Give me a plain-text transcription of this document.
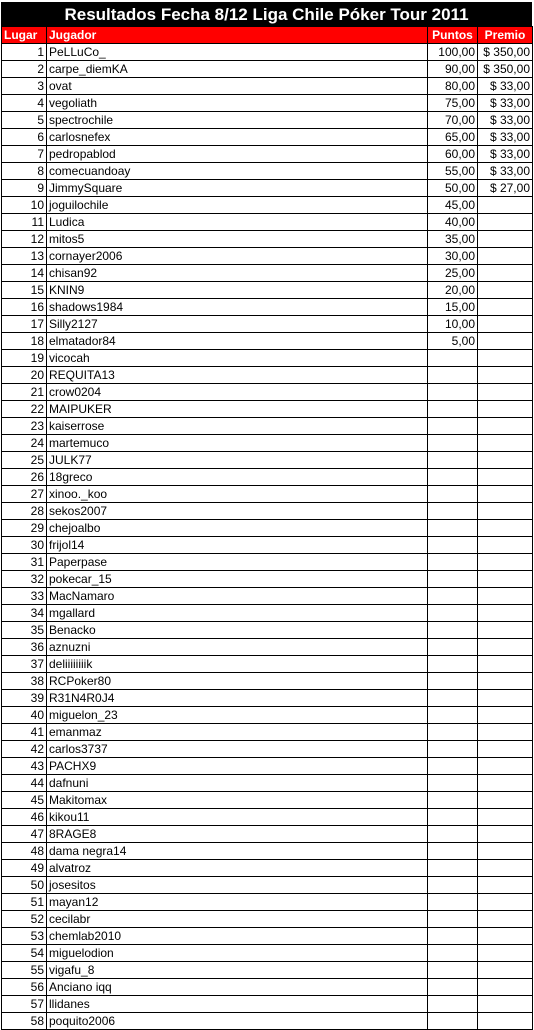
Resultados Fecha 8/12 Liga Chile Póker Tour 2011
Lugar	Jugador	Puntos	Premio
1	PeLLuCo_	100,00	$ 350,00
2	carpe_diemKA	90,00	$ 350,00
3	ovat	80,00	$ 33,00
4	vegoliath	75,00	$ 33,00
5	spectrochile	70,00	$ 33,00
6	carlosnefex	65,00	$ 33,00
7	pedropablod	60,00	$ 33,00
8	comecuandoay	55,00	$ 33,00
9	JimmySquare	50,00	$ 27,00
10	joguilochile	45,00	
11	Ludica	40,00	
12	mitos5	35,00	
13	cornayer2006	30,00	
14	chisan92	25,00	
15	KNIN9	20,00	
16	shadows1984	15,00	
17	Silly2127	10,00	
18	elmatador84	5,00	
19	vicocah		
20	REQUITA13		
21	crow0204		
22	MAIPUKER		
23	kaiserrose		
24	martemuco		
25	JULK77		
26	18greco		
27	xinoo._koo		
28	sekos2007		
29	chejoalbo		
30	frijol14		
31	Paperpase		
32	pokecar_15		
33	MacNamaro		
34	mgallard		
35	Benacko		
36	aznuzni		
37	deliiiiiiiik		
38	RCPoker80		
39	R31N4R0J4		
40	miguelon_23		
41	emanmaz		
42	carlos3737		
43	PACHX9		
44	dafnuni		
45	Makitomax		
46	kikou11		
47	8RAGE8		
48	dama negra14		
49	alvatroz		
50	josesitos		
51	mayan12		
52	cecilabr		
53	chemlab2010		
54	miguelodion		
55	vigafu_8		
56	Anciano iqq		
57	llidanes		
58	poquito2006		
